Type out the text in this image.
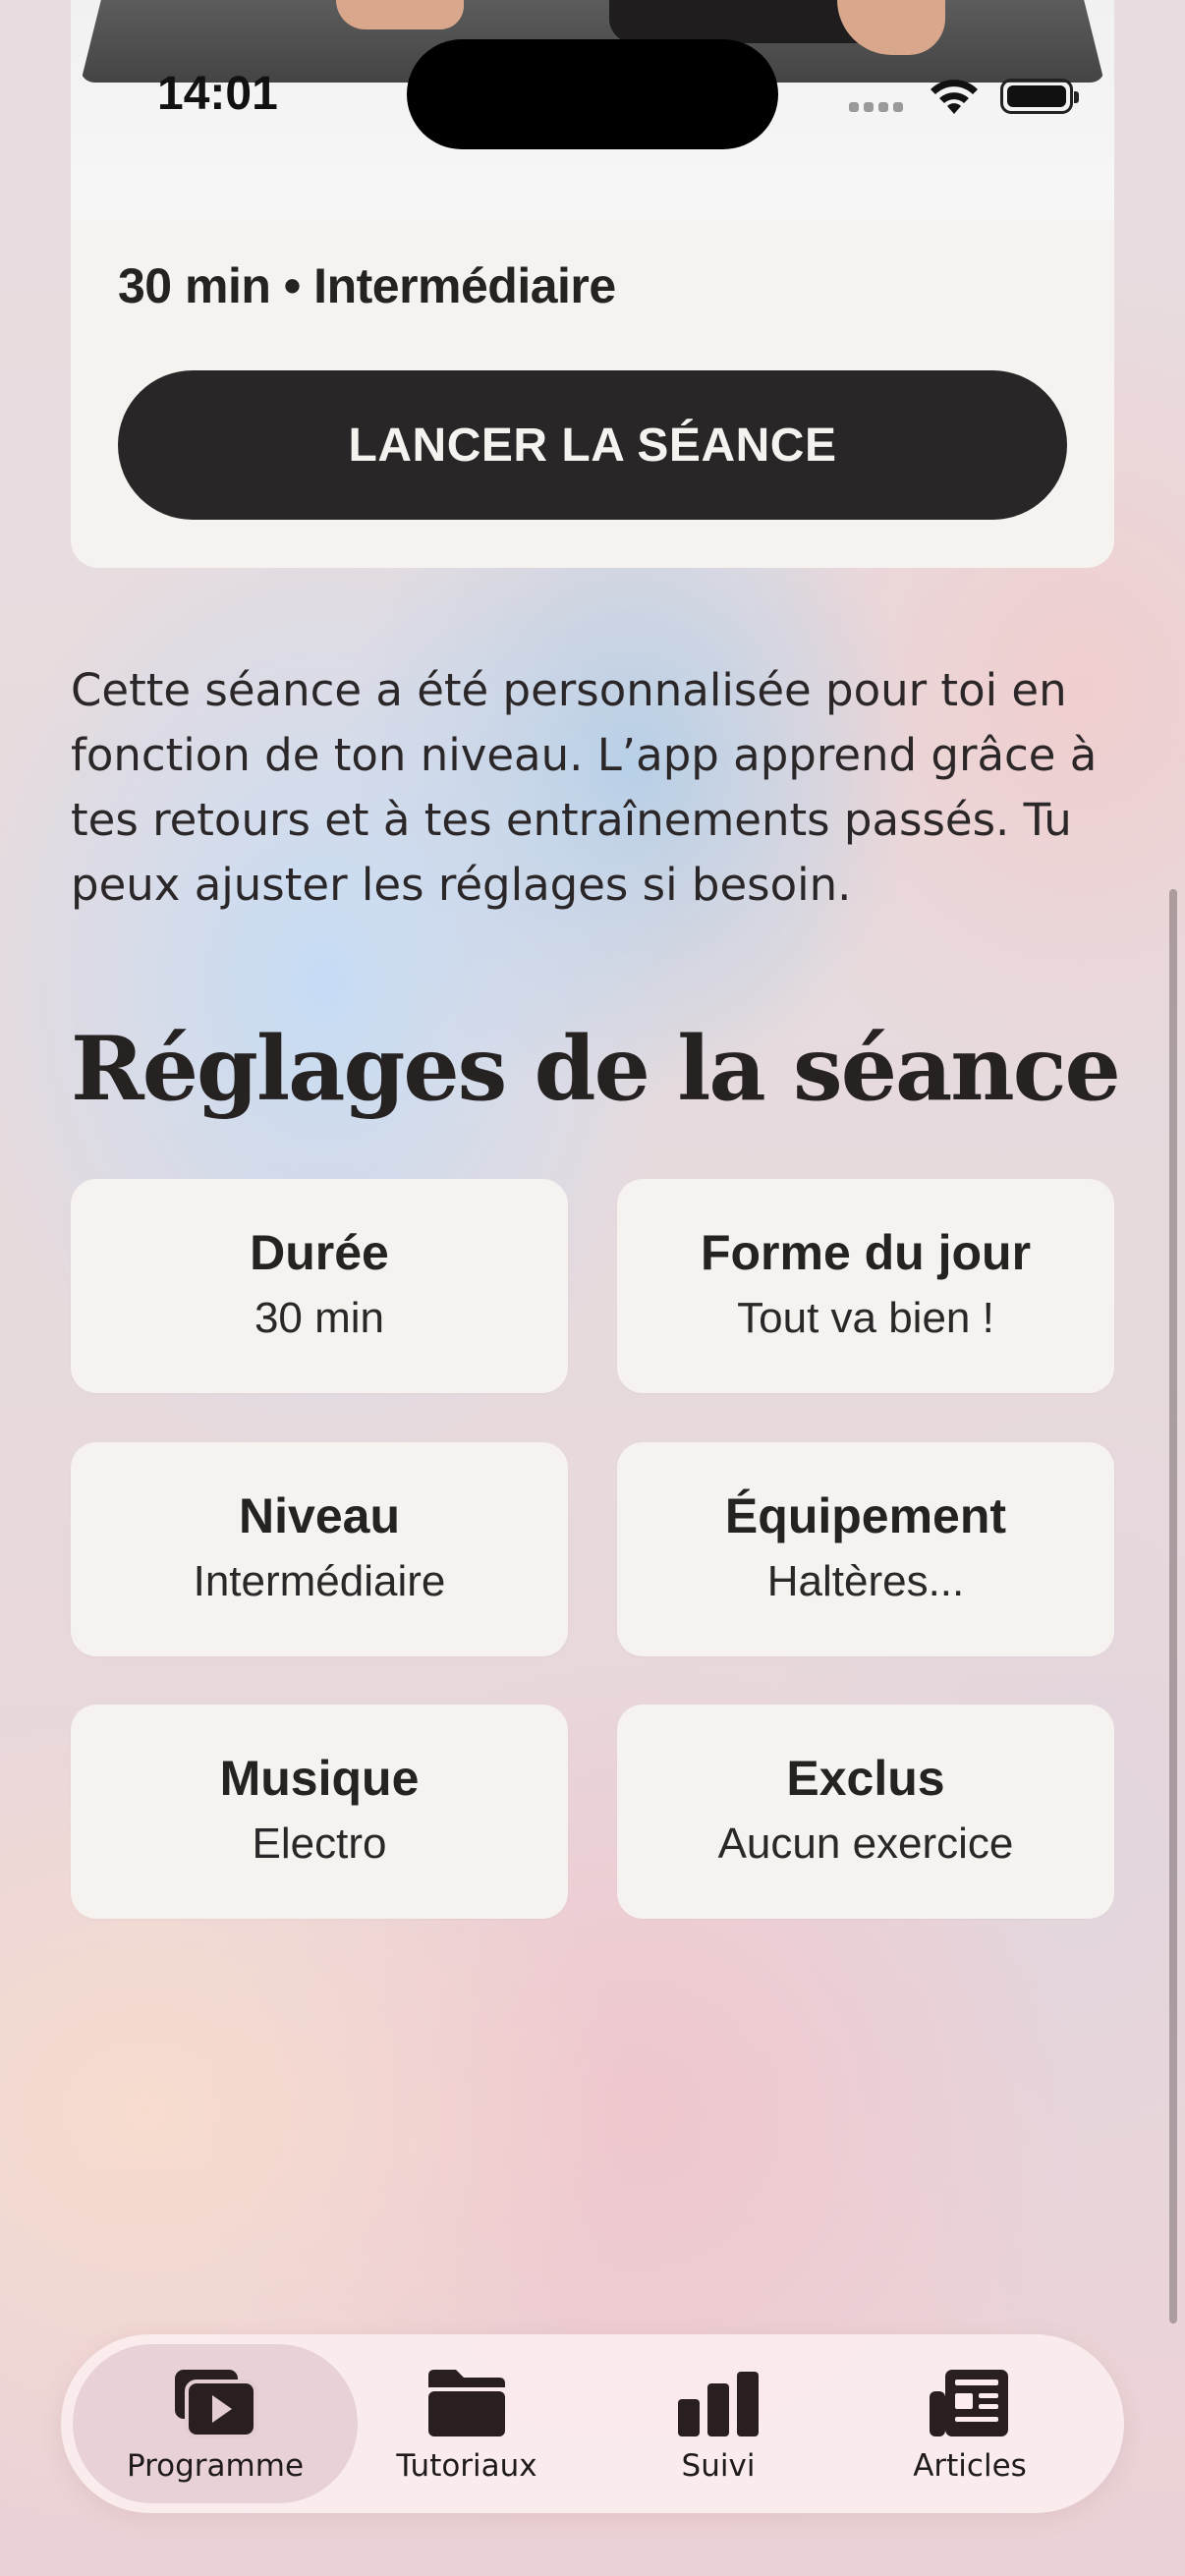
30 min • Intermédiaire
LANCER LA SÉANCE
14:01

Cette séance a été personnalisée pour toi en fonction de ton niveau. L’app apprend grâce à tes retours et à tes entraînements passés. Tu peux ajuster les réglages si besoin.

Réglages de la séance
Durée
30 min
Forme du jour
Tout va bien !
Niveau
Intermédiaire
Équipement
Haltères...
Musique
Electro
Exclus
Aucun exercice
Programme	Tutoriaux	Suivi	Articles
